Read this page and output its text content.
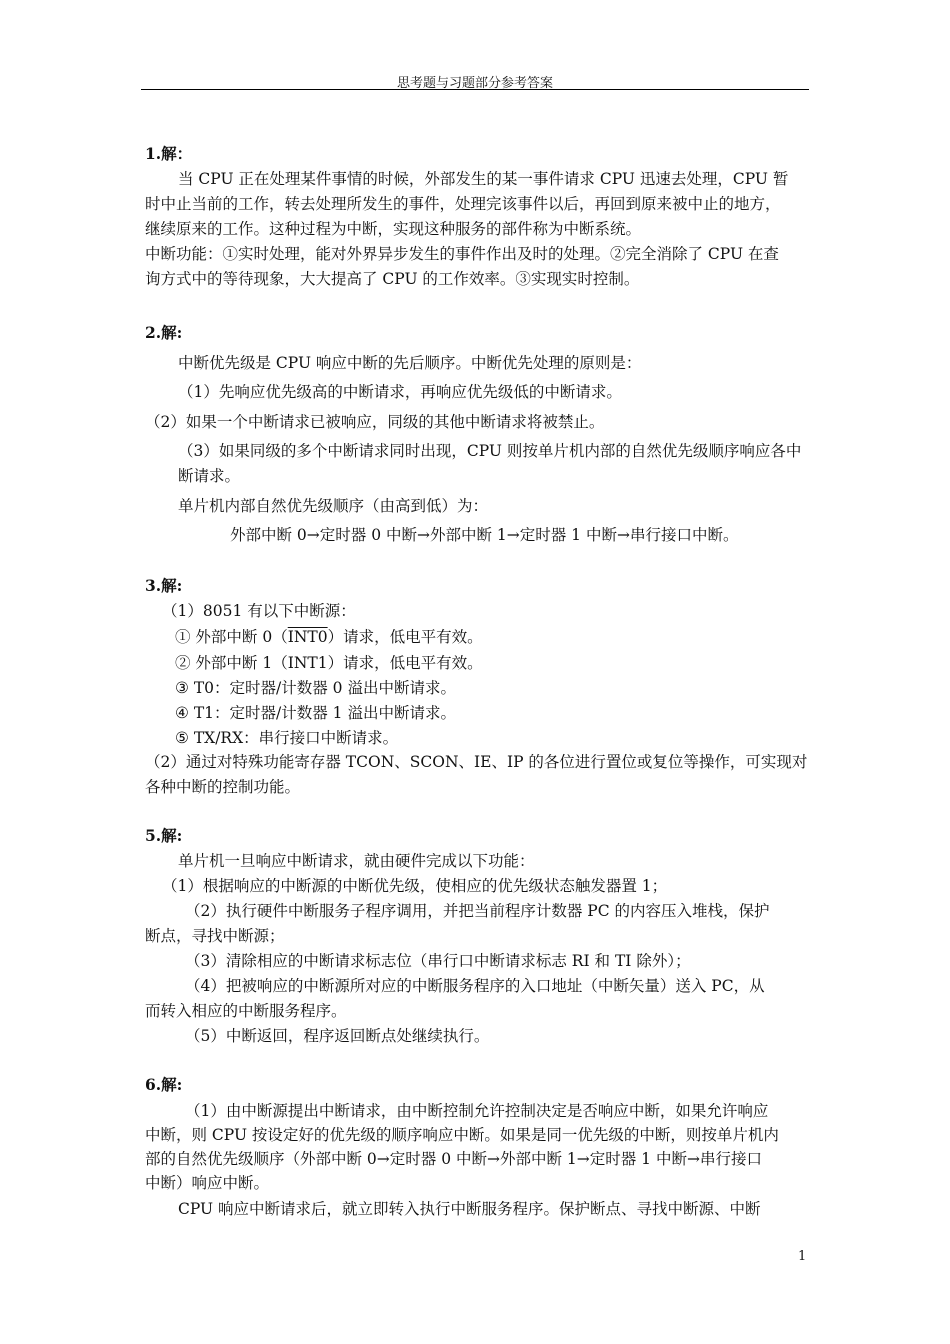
思考题与习题部分参考答案
1.解：
当 CPU 正在处理某件事情的时候，外部发生的某一事件请求 CPU 迅速去处理，CPU 暂
时中止当前的工作，转去处理所发生的事件，处理完该事件以后，再回到原来被中止的地方，
继续原来的工作。这种过程为中断，实现这种服务的部件称为中断系统。
中断功能：①实时处理，能对外界异步发生的事件作出及时的处理。②完全消除了 CPU 在查
询方式中的等待现象，大大提高了 CPU 的工作效率。③实现实时控制。
2.解:
中断优先级是 CPU 响应中断的先后顺序。中断优先处理的原则是：
（1）先响应优先级高的中断请求，再响应优先级低的中断请求。
（2）如果一个中断请求已被响应，同级的其他中断请求将被禁止。
（3）如果同级的多个中断请求同时出现，CPU 则按单片机内部的自然优先级顺序响应各中
断请求。
单片机内部自然优先级顺序（由高到低）为：
外部中断 0→定时器 0 中断→外部中断 1→定时器 1 中断→串行接口中断。
3.解:
（1）8051 有以下中断源：
① 外部中断 0（INT0）请求，低电平有效。
② 外部中断 1（INT1）请求，低电平有效。
③ T0：定时器/计数器 0 溢出中断请求。
④ T1：定时器/计数器 1 溢出中断请求。
⑤ TX/RX：串行接口中断请求。
（2）通过对特殊功能寄存器 TCON、SCON、IE、IP 的各位进行置位或复位等操作，可实现对
各种中断的控制功能。
5.解:
单片机一旦响应中断请求，就由硬件完成以下功能：
（1）根据响应的中断源的中断优先级，使相应的优先级状态触发器置 1；
（2）执行硬件中断服务子程序调用，并把当前程序计数器 PC 的内容压入堆栈，保护
断点，寻找中断源；
（3）清除相应的中断请求标志位（串行口中断请求标志 RI 和 TI 除外）；
（4）把被响应的中断源所对应的中断服务程序的入口地址（中断矢量）送入 PC，从
而转入相应的中断服务程序。
（5）中断返回，程序返回断点处继续执行。
6.解:
（1）由中断源提出中断请求，由中断控制允许控制决定是否响应中断，如果允许响应
中断，则 CPU 按设定好的优先级的顺序响应中断。如果是同一优先级的中断，则按单片机内
部的自然优先级顺序（外部中断 0→定时器 0 中断→外部中断 1→定时器 1 中断→串行接口
中断）响应中断。
CPU 响应中断请求后，就立即转入执行中断服务程序。保护断点、寻找中断源、中断
1
